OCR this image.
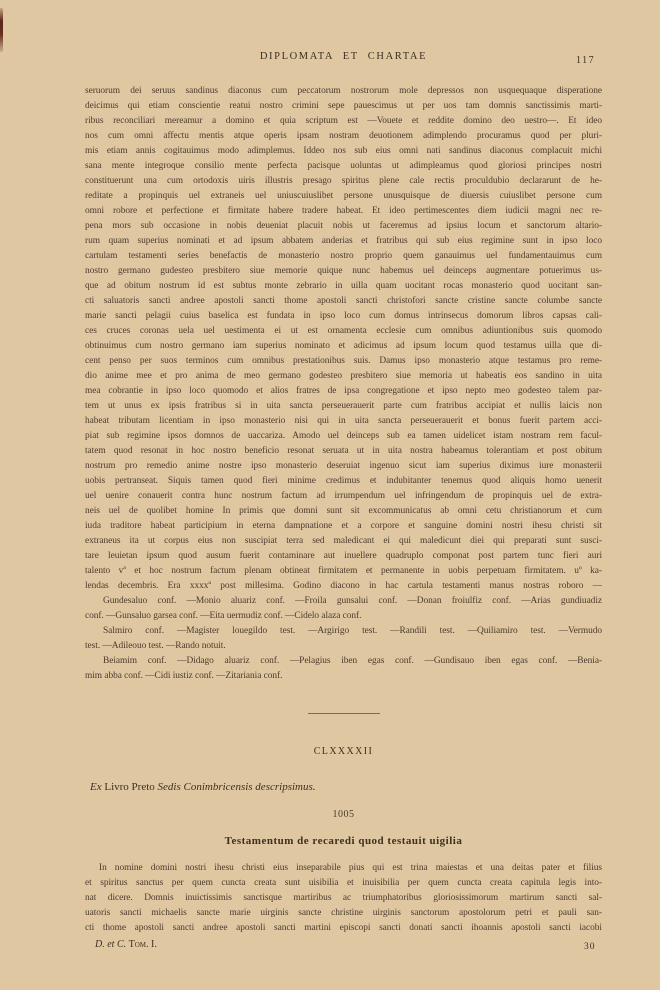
DIPLOMATA ET CHARTAE	117
seruorum dei seruus sandinus diaconus cum peccatorum nostrorum mole depressos non usquequaque disperatione
deicimus qui etiam conscientie reatui nostro crimini sepe pauescimus ut per uos tam domnis sanctissimis marti-
ribus reconciliari mereamur a domino et quia scriptum est —Vouete et reddite domino deo uestro—. Et ideo
nos cum omni affectu mentis atque operis ipsam nostram deuotionem adimplendo procuramus quod per pluri-
mis etiam annis cogitauimus modo adimplemus. Iddeo nos sub eius omni nati sandinus diaconus complacuit michi
sana mente integroque consilio mente perfecta pacisque uoluntas ut adimpleamus quod gloriosi principes nostri
constituerunt una cum ortodoxis uiris illustris presago spiritus plene cale rectis proculdubio declararunt de he-
reditate a propinquis uel extraneis uel uniuscuiuslibet persone unusquisque de diuersis cuiuslibet persone cum
omni robore et perfectione et firmitate habere tradere habeat. Et ideo pertimescentes diem iudicii magni nec re-
pena mors sub occasione in nobis deueniat placuit nobis ut faceremus ad ipsius locum et sanctorum altario-
rum quam superius nominati et ad ipsum abbatem anderias et fratribus qui sub eius regimine sunt in ipso loco
cartulam testamenti series benefactis de monasterio nostro proprio quem ganauimus uel fundamentauimus cum
nostro germano gudesteo presbitero siue memorie quique nunc habemus uel deinceps augmentare potuerimus us-
que ad obitum nostrum id est subtus monte zebrario in uilla quam uocitant rocas monasterio quod uocitant san-
cti saluatoris sancti andree apostoli sancti thome apostoli sancti christofori sancte cristine sancte columbe sancte
marie sancti pelagii cuius baselica est fundata in ipso loco cum domus intrinsecus domorum libros capsas cali-
ces cruces coronas uela uel uestimenta ei ut est ornamenta ecclesie cum omnibus adiuntionibus suis quomodo
obtinuimus cum nostro germano iam superius nominato et adicimus ad ipsum locum quod testamus uilla que di-
cent penso per suos terminos cum omnibus prestationibus suis. Damus ipso monasterio atque testamus pro reme-
dio anime mee et pro anima de meo germano godesteo presbitero siue memoria ut habeatis eos sandino in uita
mea cobrantie in ipso loco quomodo et alios fratres de ipsa congregatione et ipso nepto meo godesteo talem par-
tem ut unus ex ipsis fratribus si in uita sancta perseuerauerit parte cum fratribus accipiat et nullis laicis non
habeat tributam licentiam in ipso monasterio nisi qui in uita sancta perseuerauerit et bonus fuerit partem acci-
piat sub regimine ipsos domnos de uaccariza. Amodo uel deinceps sub ea tamen uidelicet istam nostram rem facul-
tatem quod resonat in hoc nostro beneficio resonat seruata ut in uita nostra habeamus tolerantiam et post obitum
nostrum pro remedio anime nostre ipso monasterio deseruiat ingenuo sicut iam superius diximus iure monasterii
uobis pertranseat. Siquis tamen quod fieri minime credimus et indubitanter tenemus quod aliquis homo uenerit
uel uenire conauerit contra hunc nostrum factum ad irrumpendum uel infringendum de propinquis uel de extra-
neis uel de quolibet homine In primis que domni sunt sit excommunicatus ab omni cetu christianorum et cum
iuda traditore habeat participium in eterna dampnatione et a corpore et sanguine domini nostri ihesu christi sit
extraneus ita ut corpus eius non suscipiat terra sed maledicant ei qui maledicunt diei qui preparati sunt susci-
tare leuietan ipsum quod ausum fuerit contaminare aut inuellere quadruplo componat post partem tunc fieri auri
talento vª et hoc nostrum factum plenam obtineat firmitatem et permanente in uobis perpetuam firmitatem. uº ka-
lendas decembris. Era xxxxª post millesima. Godino diacono in hac cartula testamenti manus nostras roboro —
Gundesaluo conf. —Monio aluariz conf. —Froila gunsalui conf. —Donan froiulfiz conf. —Arias gundiuadiz
conf. —Gunsaluo garsea conf. —Eita uermudiz conf. —Cidelo alaza conf.
Salmiro conf. —Magister louegildo test. —Argirigo test. —Randili test. —Quiliamiro test. —Vermudo
test. —Adileouo test. —Rando notuit.
Beiamim conf. —Didago aluariz conf. —Pelagius iben egas conf. —Gundisauo iben egas conf. —Benia-
mim abba conf. —Cidi iustiz conf. —Zitariania conf.
CLXXXXII
Ex Livro Preto Sedis Conimbricensis descripsimus.
1005
Testamentum de recaredi quod testauit uigilia
In nomine domini nostri ihesu christi eius inseparabile pius qui est trina maiestas et una deitas pater et filius
et spiritus sanctus per quem cuncta creata sunt uisibilia et inuisibilia per quem cuncta creata capitula legis into-
nat dicere. Domnis inuictissimis sanctisque martiribus ac triumphatoribus gloriosissimorum martirum sancti sal-
uatoris sancti michaelis sancte marie uirginis sancte christine uirginis sanctorum apostolorum petri et pauli san-
cti thome apostoli sancti andree apostoli sancti martini episcopi sancti donati sancti ihoannis apostoli sancti iacobi
D. et C. Tom. I.	30
